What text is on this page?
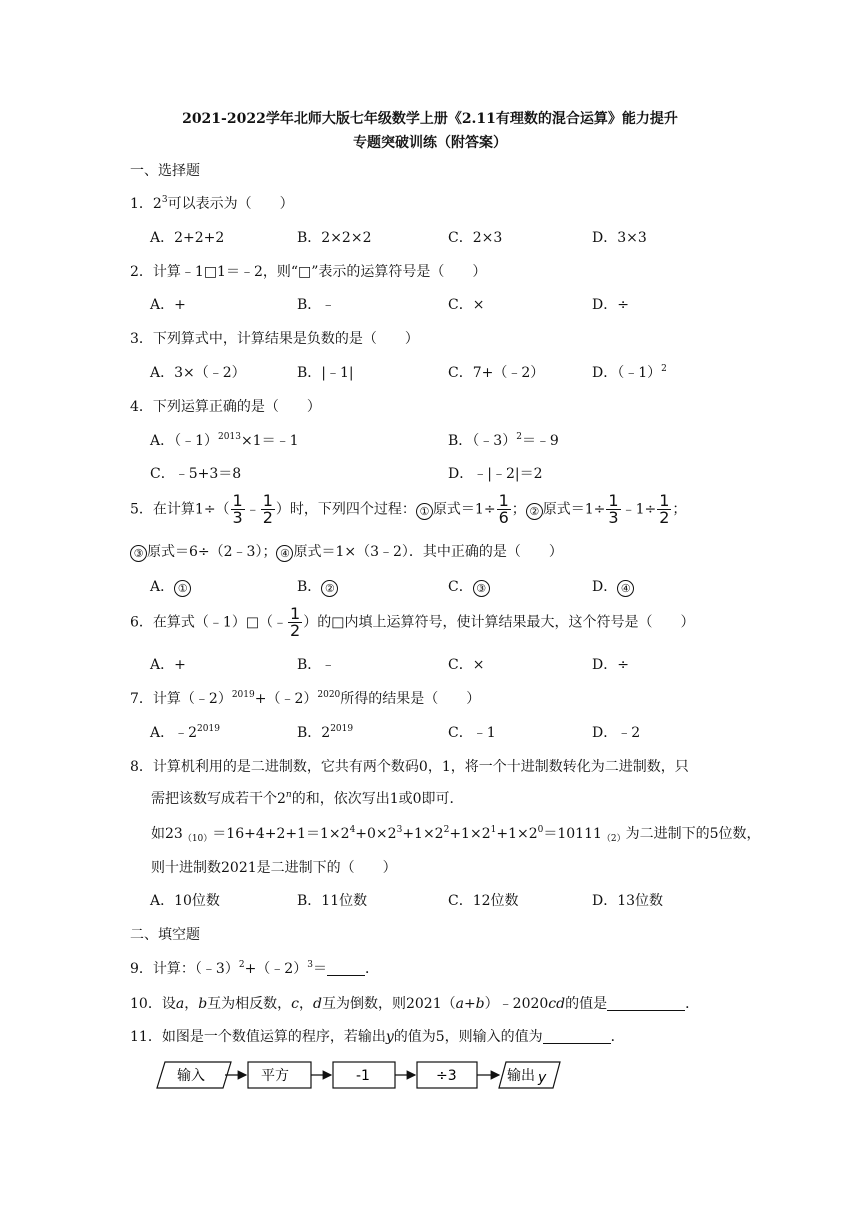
2021-2022学年北师大版七年级数学上册《2.11有理数的混合运算》能力提升
专题突破训练（附答案）
一、选择题
1．$2^3$可以表示为（　　）
A．2+2+2	B．2×2×2	C．2×3	D．3×3
2．计算﹣1□1＝﹣2，则“□”表示的运算符号是（　　）
A．+	B．﹣	C．×	D．÷
3．下列算式中，计算结果是负数的是（　　）
A．3×（﹣2）	B．|﹣1|	C．7+（﹣2）	D．（﹣1）$^2$
4．下列运算正确的是（　　）
A．（﹣1）$^{2013}$×1＝﹣1	B．（﹣3）$^2$＝﹣9
C．﹣5+3＝8	D．﹣|﹣2|＝2
5．在计算$1\div( \frac{1}{3}$ ﹣ $\frac{1}{2}$ ）时，下列四个过程： ① 原式$=1\div \frac{1}{6}$ ； ② 原式$=1\div \frac{1}{3}$ ﹣1÷ $\frac{1}{2}$ ；
③ 原式＝6÷（2﹣3）； ④ 原式＝1×（3﹣2）．其中正确的是（　　）
A． ①	B． ②	C． ③	D． ④
6．在算式（﹣1）□（﹣ $\frac{1}{2}$ ）的□内填上运算符号，使计算结果最大，这个符号是（　　）
A．+	B．﹣	C．×	D．÷
7．计算（﹣2）$^{2019}$+（﹣2）$^{2020}$所得的结果是（　　）
A．$﹣2^{2019}$	B．$2^{2019}$	C．﹣1	D．﹣2
8．计算机利用的是二进制数，它共有两个数码0，1，将一个十进制数转化为二进制数，只
需把该数写成若干个2$^n$的和，依次写出1或0即可．
如$23_{(10)}=16+4+2+1=1\times 2^4+0\times 2^3+1\times 2^2+1\times 2^1+1\times 2^0=10111_{(2)}$为二进制下的5位数，
则十进制数2021是二进制下的（　　）
A．10位数	B．11位数	C．12位数	D．13位数
二、填空题
9．计算：（﹣3）$^2$+（﹣2）$^3$＝	．
10．设a，b互为相反数，c，d互为倒数，则2021（a+b）﹣2020cd的值是	．
11．如图是一个数值运算的程序，若输出y的值为5，则输入的值为	．
输入	平方	-1	÷3	输出 y
